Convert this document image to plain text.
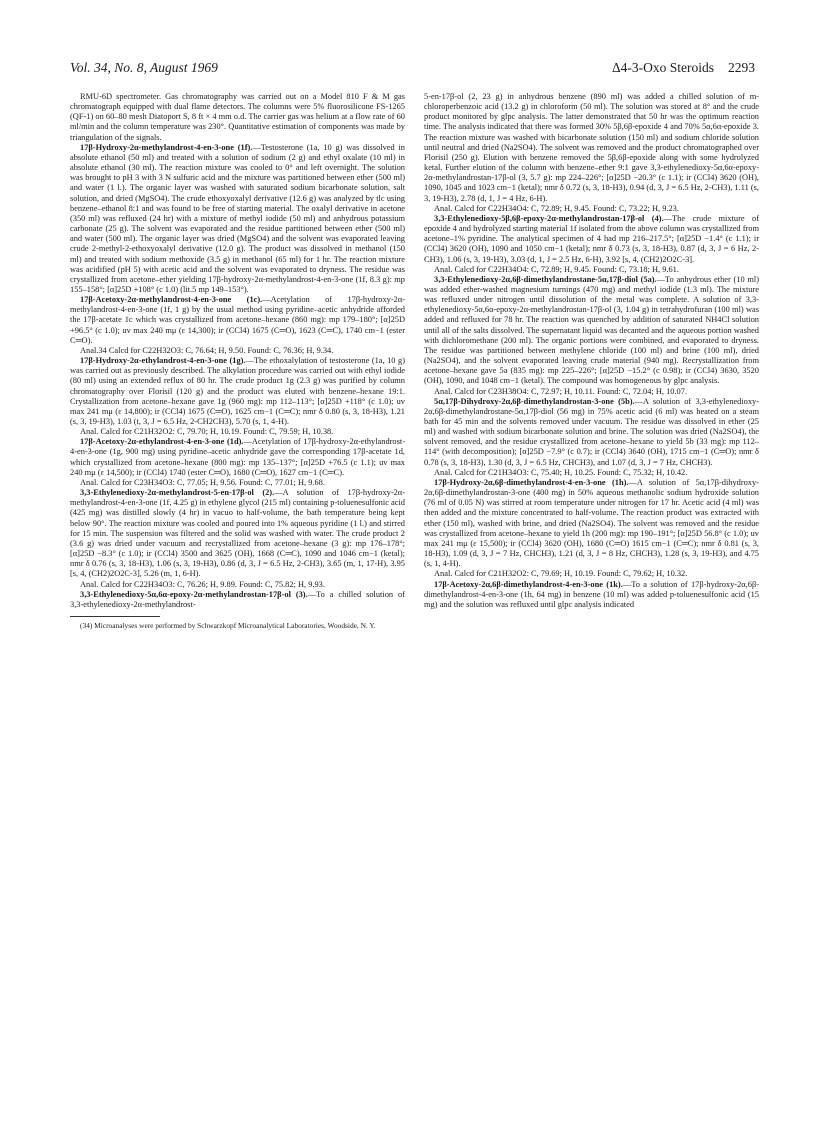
Vol. 34, No. 8, August 1969	Δ4-3-Oxo Steroids 2293

RMU-6D spectrometer. Gas chromatography was carried out on a Model 810 F & M gas chromatograph equipped with dual flame detectors. The columns were 5% fluorosilicone FS-1265 (QF-1) on 60–80 mesh Diatoport S, 8 ft × 4 mm o.d. The carrier gas was helium at a flow rate of 60 ml/min and the column temperature was 230°. Quantitative estimation of components was made by triangulation of the signals.

17β-Hydroxy-2α-methylandrost-4-en-3-one (1f).—Testosterone (1a, 10 g) was dissolved in absolute ethanol (50 ml) and treated with a solution of sodium (2 g) and ethyl oxalate (10 ml) in absolute ethanol (30 ml). The reaction mixture was cooled to 0° and left overnight. The solution was brought to pH 3 with 3 N sulfuric acid and the mixture was partitioned between ether (500 ml) and water (1 l.). The organic layer was washed with saturated sodium bicarbonate solution, salt solution, and dried (MgSO4). The crude ethoxyoxalyl derivative (12.6 g) was analyzed by tlc using benzene–ethanol 8:1 and was found to be free of starting material. The oxalyl derivative in acetone (350 ml) was refluxed (24 hr) with a mixture of methyl iodide (50 ml) and anhydrous potassium carbonate (25 g). The solvent was evaporated and the residue partitioned between ether (500 ml) and water (500 ml). The organic layer was dried (MgSO4) and the solvent was evaporated leaving crude 2-methyl-2-ethoxyoxalyl derivative (12.0 g). The product was dissolved in methanol (150 ml) and treated with sodium methoxide (3.5 g) in methanol (65 ml) for 1 hr. The reaction mixture was acidified (pH 5) with acetic acid and the solvent was evaporated to dryness. The residue was crystallized from acetone–ether yielding 17β-hydroxy-2α-methylandrost-4-en-3-one (1f, 8.3 g): mp 155–158°; [α]25D +108° (c 1.0) (lit.5 mp 149–153°).

17β-Acetoxy-2α-methylandrost-4-en-3-one (1c).—Acetylation of 17β-hydroxy-2α-methylandrost-4-en-3-one (1f, 1 g) by the usual method using pyridine–acetic anhydride afforded the 17β-acetate 1c which was crystallized from acetone–hexane (860 mg): mp 179–180°; [α]25D +96.5° (c 1.0); uv max 240 mμ (ε 14,300); ir (CCl4) 1675 (C═O), 1623 (C═C), 1740 cm−1 (ester C═O).

Anal.34 Calcd for C22H32O3: C, 76.64; H, 9.50. Found: C, 76.36; H, 9.34.

17β-Hydroxy-2α-ethylandrost-4-en-3-one (1g).—The ethoxalylation of testosterone (1a, 10 g) was carried out as previously described. The alkylation procedure was carried out with ethyl iodide (80 ml) using an extended reflux of 80 hr. The crude product 1g (2.3 g) was purified by column chromatography over Florisil (120 g) and the product was eluted with benzene–hexane 19:1. Crystallization from acetone–hexane gave 1g (960 mg): mp 112–113°; [α]25D +118° (c 1.0); uv max 241 mμ (ε 14,800); ir (CCl4) 1675 (C═O), 1625 cm−1 (C═C); nmr δ 0.80 (s, 3, 18-H3), 1.21 (s, 3, 19-H3), 1.03 (t, 3, J = 6.5 Hz, 2-CH2CH3), 5.70 (s, 1, 4-H).

Anal. Calcd for C21H32O2: C, 79.70; H, 10.19. Found: C, 79.59; H, 10.38.

17β-Acetoxy-2α-ethylandrost-4-en-3-one (1d).—Acetylation of 17β-hydroxy-2α-ethylandrost-4-en-3-one (1g, 900 mg) using pyridine–acetic anhydride gave the corresponding 17β-acetate 1d, which crystallized from acetone–hexane (800 mg): mp 135–137°; [α]25D +76.5 (c 1.1); uv max 240 mμ (ε 14,500); ir (CCl4) 1740 (ester C═O), 1680 (C═O), 1627 cm−1 (C═C).

Anal. Calcd for C23H34O3: C, 77.05; H, 9.56. Found: C, 77.01; H, 9.68.

3,3-Ethylenedioxy-2α-methylandrost-5-en-17β-ol (2).—A solution of 17β-hydroxy-2α-methylandrost-4-en-3-one (1f, 4.25 g) in ethylene glycol (215 ml) containing p-toluenesulfonic acid (425 mg) was distilled slowly (4 hr) in vacuo to half-volume, the bath temperature being kept below 90°. The reaction mixture was cooled and poured into 1% aqueous pyridine (1 l.) and stirred for 15 min. The suspension was filtered and the solid was washed with water. The crude product 2 (3.6 g) was dried under vacuum and recrystallized from acetone–hexane (3 g): mp 176–178°; [α]25D −8.3° (c 1.0); ir (CCl4) 3500 and 3625 (OH), 1668 (C═C), 1090 and 1046 cm−1 (ketal); nmr δ 0.76 (s, 3, 18-H3), 1.06 (s, 3, 19-H3), 0.86 (d, 3, J = 6.5 Hz, 2-CH3), 3.65 (m, 1, 17-H), 3.95 [s, 4, (CH2)2O2C-3], 5.26 (m, 1, 6-H).

Anal. Calcd for C22H34O3: C, 76.26; H, 9.89. Found: C, 75.82; H, 9.93.

3,3-Ethylenedioxy-5α,6α-epoxy-2α-methylandrostan-17β-ol (3).—To a chilled solution of 3,3-ethylenedioxy-2α-methylandrost-

(34) Microanalyses were performed by Schwarzkopf Microanalytical Laboratories, Woodside, N. Y.

5-en-17β-ol (2, 23 g) in anhydrous benzene (890 ml) was added a chilled solution of m-chloroperbenzoic acid (13.2 g) in chloroform (50 ml). The solution was stored at 8° and the crude product monitored by glpc analysis. The latter demonstrated that 50 hr was the optimum reaction time. The analysis indicated that there was formed 30% 5β,6β-epoxide 4 and 70% 5α,6α-epoxide 3. The reaction mixture was washed with bicarbonate solution (150 ml) and sodium chloride solution until neutral and dried (Na2SO4). The solvent was removed and the product chromatographed over Florisil (250 g). Elution with benzene removed the 5β,6β-epoxide along with some hydrolyzed ketal. Further elution of the column with benzene–ether 9:1 gave 3,3-ethylenedioxy-5α,6α-epoxy-2α-methylandrostan-17β-ol (3, 5.7 g): mp 224–226°; [α]25D −20.3° (c 1.1); ir (CCl4) 3620 (OH), 1090, 1045 and 1023 cm−1 (ketal); nmr δ 0.72 (s, 3, 18-H3), 0.94 (d, 3, J = 6.5 Hz, 2-CH3), 1.11 (s, 3, 19-H3), 2.78 (d, 1, J = 4 Hz, 6-H).

Anal. Calcd for C22H34O4: C, 72.89; H, 9.45. Found: C, 73.22; H, 9.23.

3,3-Ethylenedioxy-5β,6β-epoxy-2α-methylandrostan-17β-ol (4).—The crude mixture of epoxide 4 and hydrolyzed starting material 1f isolated from the above column was crystallized from acetone–1% pyridine. The analytical specimen of 4 had mp 216–217.5°; [α]25D −1.4° (c 1.1); ir (CCl4) 3620 (OH), 1090 and 1050 cm−1 (ketal); nmr δ 0.73 (s, 3, 18-H3), 0.87 (d, 3, J = 6 Hz, 2-CH3), 1.06 (s, 3, 19-H3), 3.03 (d, 1, J = 2.5 Hz, 6-H), 3.92 [s, 4, (CH2)2O2C-3].

Anal. Calcd for C22H34O4: C, 72.89; H, 9.45. Found: C, 73.18; H, 9.61.

3,3-Ethylenedioxy-2α,6β-dimethylandrostane-5α,17β-diol (5a).—To anhydrous ether (10 ml) was added ether-washed magnesium turnings (470 mg) and methyl iodide (1.3 ml). The mixture was refluxed under nitrogen until dissolution of the metal was complete. A solution of 3,3-ethylenedioxy-5α,6α-epoxy-2α-methylandrostan-17β-ol (3, 1.04 g) in tetrahydrofuran (100 ml) was added and refluxed for 78 hr. The reaction was quenched by addition of saturated NH4Cl solution until all of the salts dissolved. The supernatant liquid was decanted and the aqueous portion washed with dichloromethane (200 ml). The organic portions were combined, and evaporated to dryness. The residue was partitioned between methylene chloride (100 ml) and brine (100 ml), dried (Na2SO4), and the solvent evaporated leaving crude material (940 mg). Recrystallization from acetone–hexane gave 5a (835 mg): mp 225–226°; [α]25D −15.2° (c 0.98); ir (CCl4) 3630, 3520 (OH), 1090, and 1048 cm−1 (ketal). The compound was homogeneous by glpc analysis.

Anal. Calcd for C23H38O4: C, 72.97; H, 10.11. Found: C, 72.04; H, 10.07.

5α,17β-Dihydroxy-2α,6β-dimethylandrostan-3-one (5b).—A solution of 3,3-ethylenedioxy-2α,6β-dimethylandrostane-5α,17β-diol (56 mg) in 75% acetic acid (6 ml) was heated on a steam bath for 45 min and the solvents removed under vacuum. The residue was dissolved in ether (25 ml) and washed with sodium bicarbonate solution and brine. The solution was dried (Na2SO4), the solvent removed, and the residue crystallized from acetone–hexane to yield 5b (33 mg): mp 112–114° (with decomposition); [α]25D −7.9° (c 0.7); ir (CCl4) 3640 (OH), 1715 cm−1 (C═O); nmr δ 0.78 (s, 3, 18-H3), 1.30 (d, 3, J = 6.5 Hz, CHCH3), and 1.07 (d, 3, J = 7 Hz, CHCH3).

Anal. Calcd for C21H34O3: C, 75.40; H, 10.25. Found: C, 75.32; H, 10.42.

17β-Hydroxy-2α,6β-dimethylandrost-4-en-3-one (1h).—A solution of 5α,17β-dihydroxy-2α,6β-dimethylandrostan-3-one (400 mg) in 50% aqueous methanolic sodium hydroxide solution (76 ml of 0.05 N) was stirred at room temperature under nitrogen for 17 hr. Acetic acid (4 ml) was then added and the mixture concentrated to half-volume. The reaction product was extracted with ether (150 ml), washed with brine, and dried (Na2SO4). The solvent was removed and the residue was crystallized from acetone–hexane to yield 1h (200 mg): mp 190–191°; [α]25D 56.8° (c 1.0); uv max 241 mμ (ε 15,500); ir (CCl4) 3620 (OH), 1680 (C═O) 1615 cm−1 (C═C); nmr δ 0.81 (s, 3, 18-H3), 1.09 (d, 3, J = 7 Hz, CHCH3), 1.21 (d, 3, J = 8 Hz, CHCH3), 1.28 (s, 3, 19-H3), and 4.75 (s, 1, 4-H).

Anal. Calcd for C21H32O2: C, 79.69; H, 10.19. Found: C, 79.62; H, 10.32.

17β-Acetoxy-2α,6β-dimethylandrost-4-en-3-one (1k).—To a solution of 17β-hydroxy-2α,6β-dimethylandrost-4-en-3-one (1h, 64 mg) in benzene (10 ml) was added p-toluenesulfonic acid (15 mg) and the solution was refluxed until glpc analysis indicated
